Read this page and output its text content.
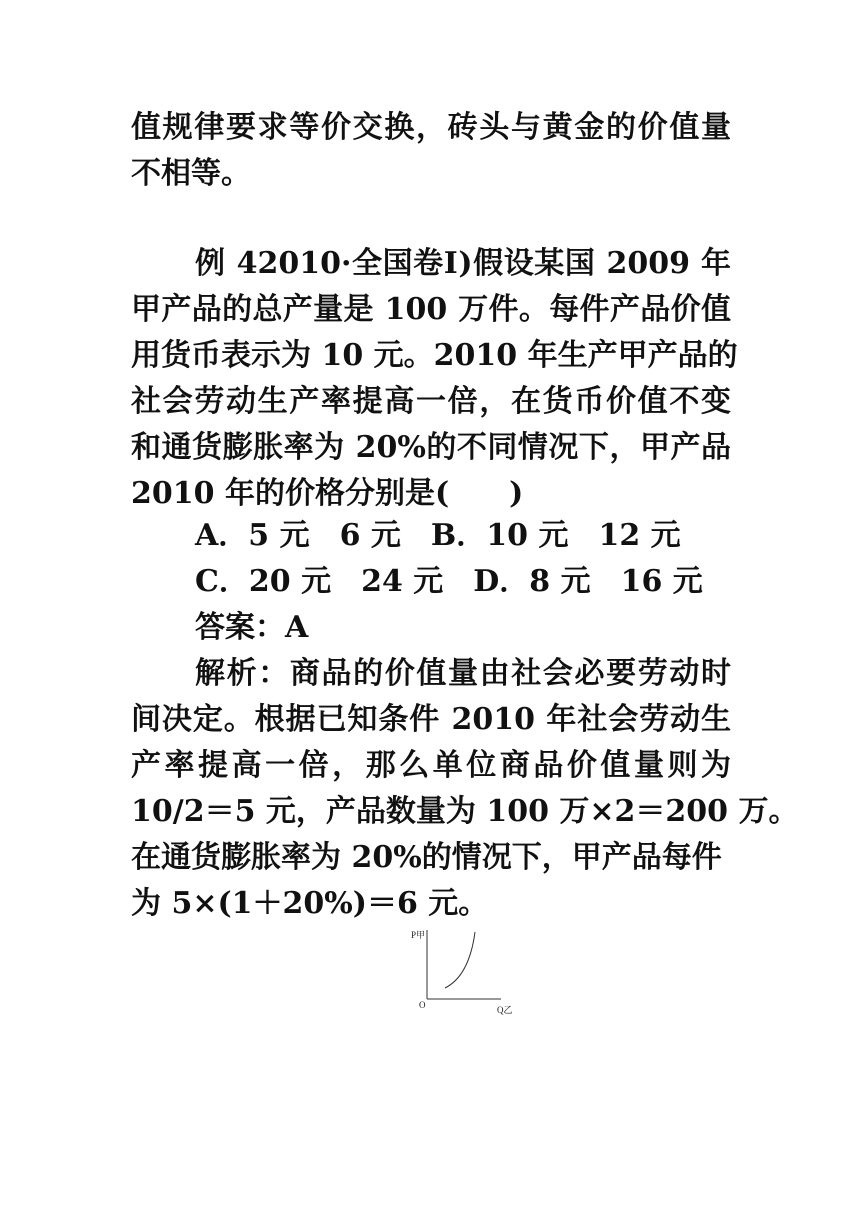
值规律要求等价交换，砖头与黄金的价值量

不相等。

例 42010·全国卷Ⅰ)假设某国 2009 年

甲产品的总产量是 100 万件。每件产品价值

用货币表示为 10 元。2010 年生产甲产品的

社会劳动生产率提高一倍，在货币价值不变

和通货膨胀率为 20%的不同情况下，甲产品

2010 年的价格分别是(　　)

A．5 元　6 元　B．10 元　12 元

C．20 元　24 元　D．8 元　16 元

答案：A

解析：商品的价值量由社会必要劳动时

间决定。根据已知条件 2010 年社会劳动生

产率提高一倍，那么单位商品价值量则为

10/2＝5 元，产品数量为 100 万×2＝200 万。

在通货膨胀率为 20%的情况下，甲产品每件

为 5×(1＋20%)＝6 元。

P甲
O	Q乙
